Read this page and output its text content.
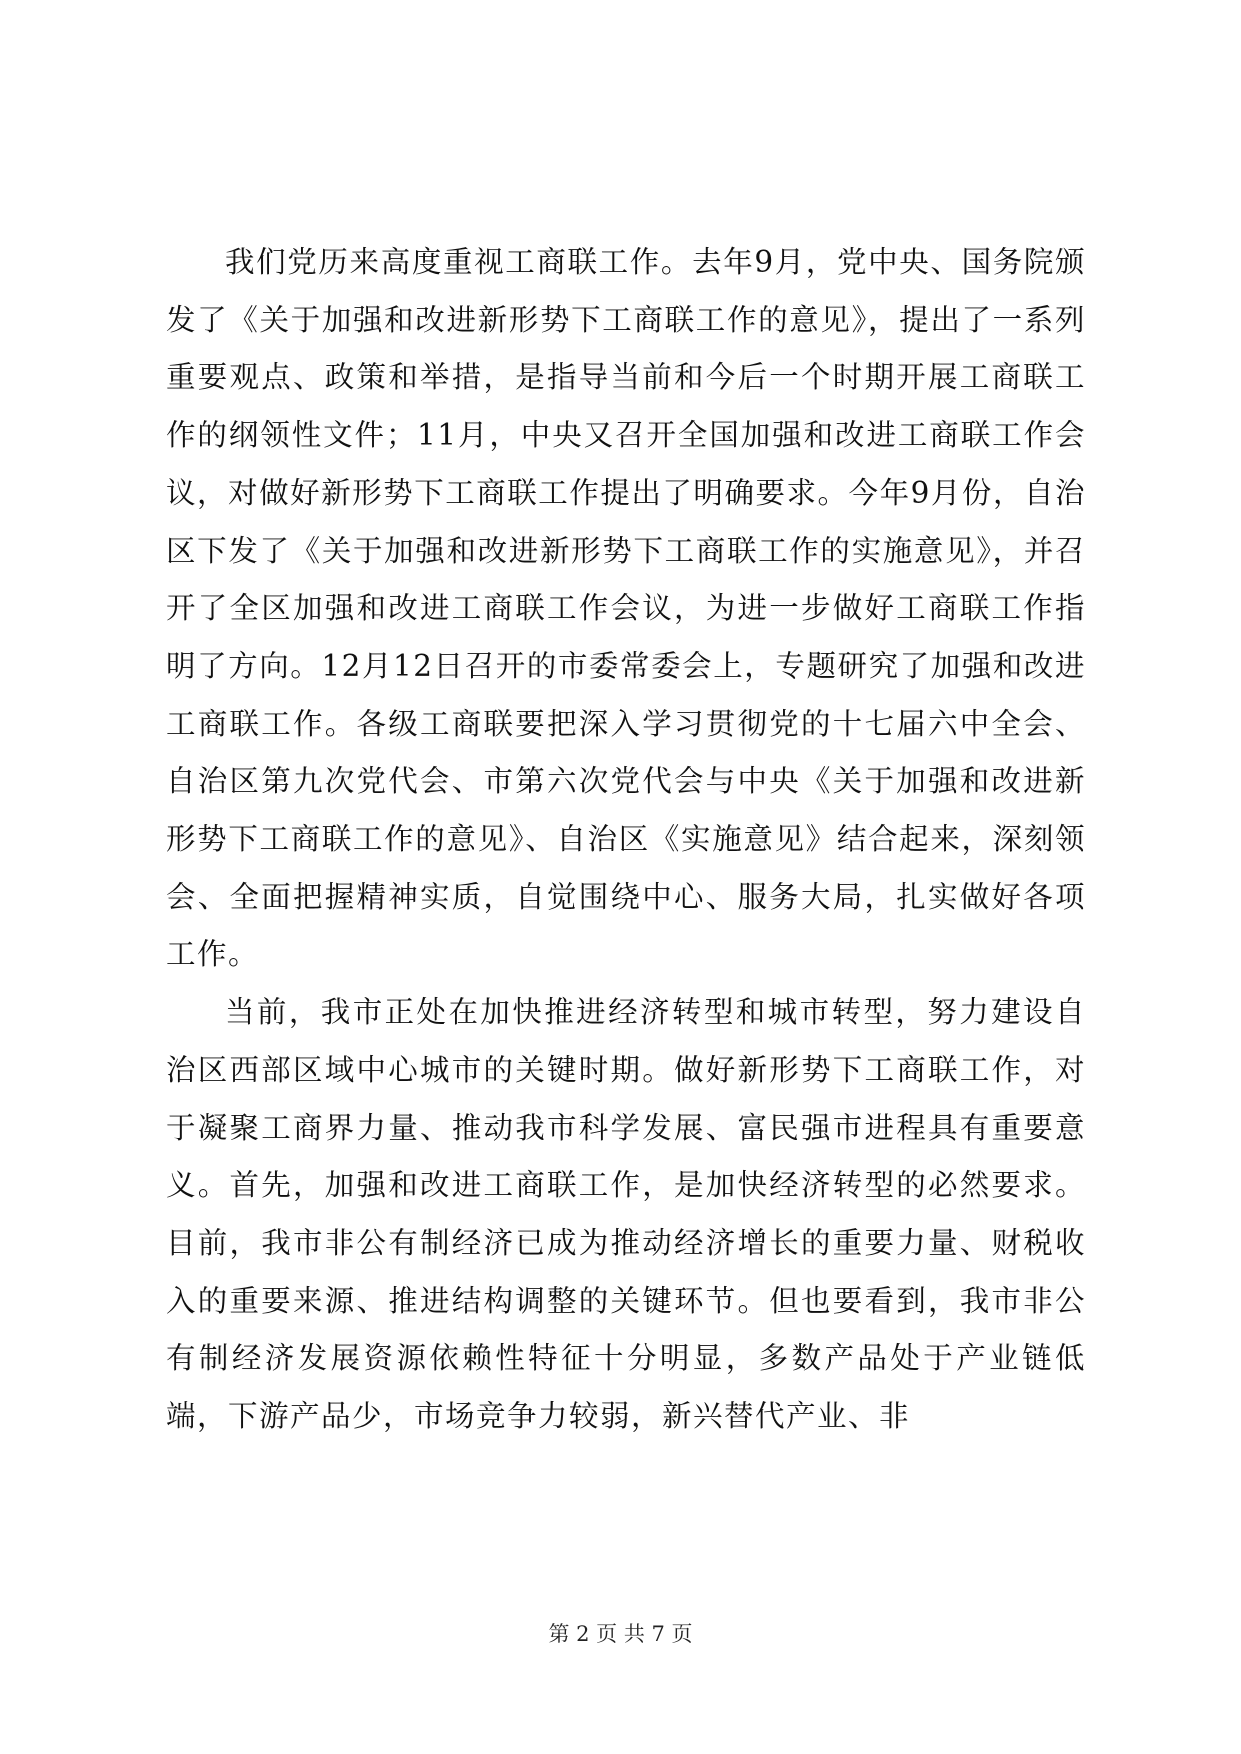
我们党历来高度重视工商联工作。去年9月，党中央、国务院颁发了《关于加强和改进新形势下工商联工作的意见》，提出了一系列重要观点、政策和举措，是指导当前和今后一个时期开展工商联工作的纲领性文件；11月，中央又召开全国加强和改进工商联工作会议，对做好新形势下工商联工作提出了明确要求。今年9月份，自治区下发了《关于加强和改进新形势下工商联工作的实施意见》，并召开了全区加强和改进工商联工作会议，为进一步做好工商联工作指明了方向。12月12日召开的市委常委会上，专题研究了加强和改进工商联工作。各级工商联要把深入学习贯彻党的十七届六中全会、自治区第九次党代会、市第六次党代会与中央《关于加强和改进新形势下工商联工作的意见》、自治区《实施意见》结合起来，深刻领会、全面把握精神实质，自觉围绕中心、服务大局，扎实做好各项工作。

当前，我市正处在加快推进经济转型和城市转型，努力建设自治区西部区域中心城市的关键时期。做好新形势下工商联工作，对于凝聚工商界力量、推动我市科学发展、富民强市进程具有重要意义。首先，加强和改进工商联工作，是加快经济转型的必然要求。目前，我市非公有制经济已成为推动经济增长的重要力量、财税收入的重要来源、推进结构调整的关键环节。但也要看到，我市非公有制经济发展资源依赖性特征十分明显，多数产品处于产业链低端，下游产品少，市场竞争力较弱，新兴替代产业、非

第 2 页 共 7 页
